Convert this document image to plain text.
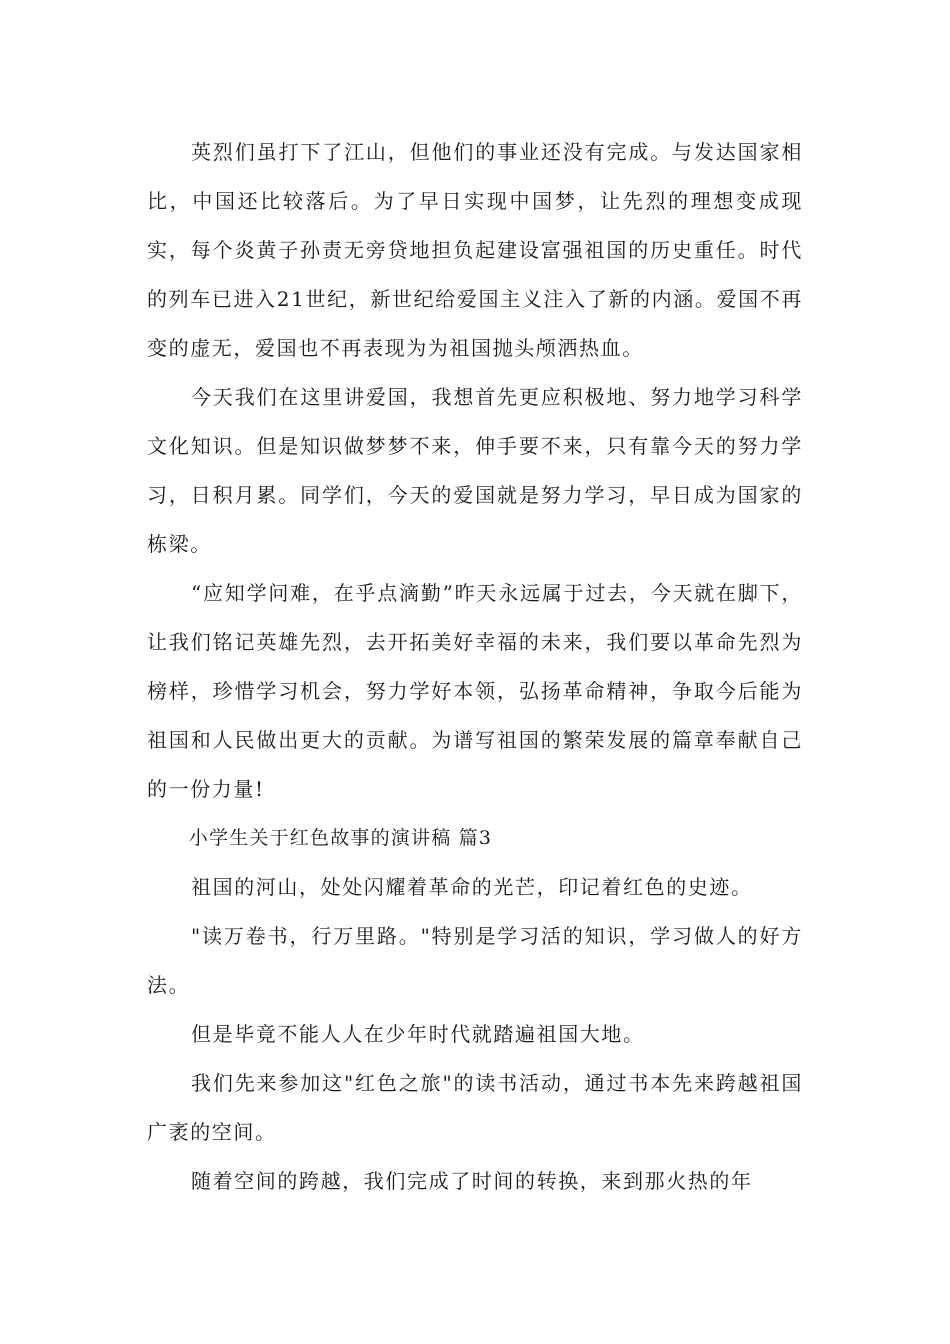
英烈们虽打下了江山，但他们的事业还没有完成。与发达国家相比，中国还比较落后。为了早日实现中国梦，让先烈的理想变成现实，每个炎黄子孙责无旁贷地担负起建设富强祖国的历史重任。时代的列车已进入21世纪，新世纪给爱国主义注入了新的内涵。爱国不再变的虚无，爱国也不再表现为为祖国抛头颅洒热血。

今天我们在这里讲爱国，我想首先更应积极地、努力地学习科学文化知识。但是知识做梦梦不来，伸手要不来，只有靠今天的努力学习，日积月累。同学们，今天的爱国就是努力学习，早日成为国家的栋梁。

“应知学问难，在乎点滴勤”昨天永远属于过去，今天就在脚下，让我们铭记英雄先烈，去开拓美好幸福的未来，我们要以革命先烈为榜样，珍惜学习机会，努力学好本领，弘扬革命精神，争取今后能为祖国和人民做出更大的贡献。为谱写祖国的繁荣发展的篇章奉献自己的一份力量!

小学生关于红色故事的演讲稿 篇3

祖国的河山，处处闪耀着革命的光芒，印记着红色的史迹。

"读万卷书，行万里路。"特别是学习活的知识，学习做人的好方法。

但是毕竟不能人人在少年时代就踏遍祖国大地。

我们先来参加这"红色之旅"的读书活动，通过书本先来跨越祖国广袤的空间。

随着空间的跨越，我们完成了时间的转换，来到那火热的年
